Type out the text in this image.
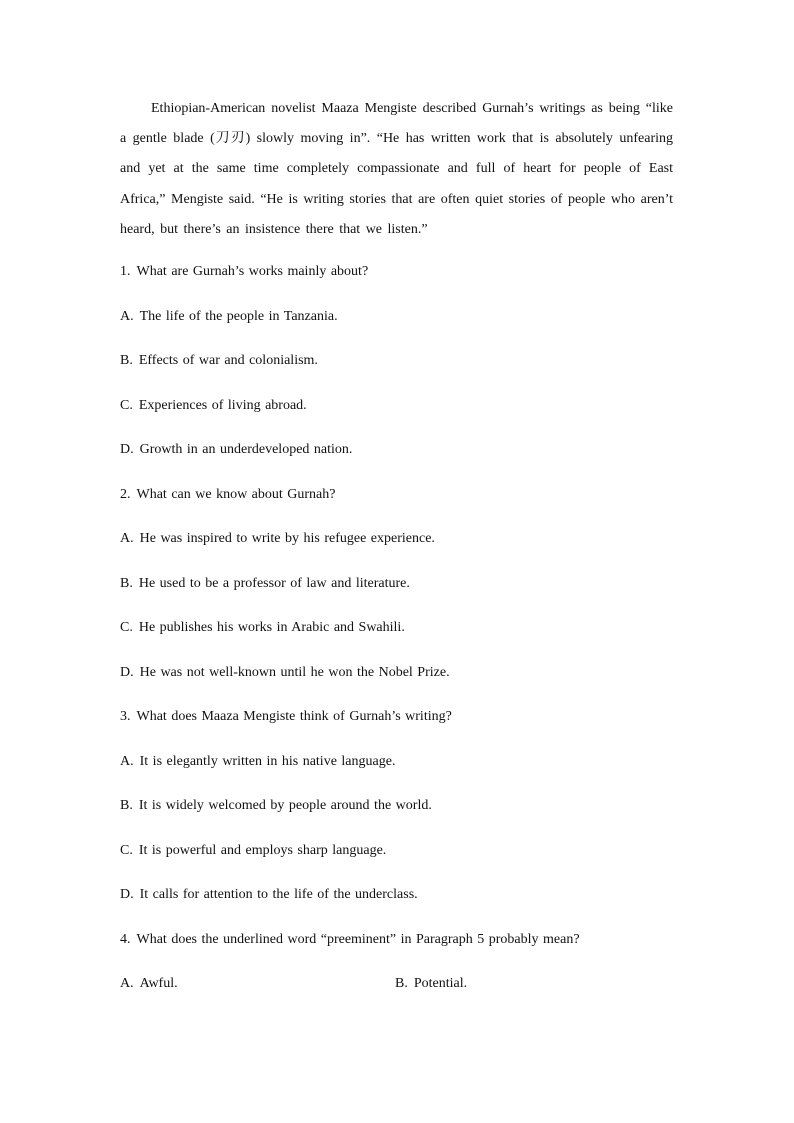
Ethiopian-American novelist Maaza Mengiste described Gurnah’s writings as being “like a gentle blade (刀刃) slowly moving in”. “He has written work that is absolutely unfearing and yet at the same time completely compassionate and full of heart for people of East Africa,” Mengiste said. “He is writing stories that are often quiet stories of people who aren’t heard, but there’s an insistence there that we listen.”

1. What are Gurnah’s works mainly about?

A. The life of the people in Tanzania.

B. Effects of war and colonialism.

C. Experiences of living abroad.

D. Growth in an underdeveloped nation.

2. What can we know about Gurnah?

A. He was inspired to write by his refugee experience.

B. He used to be a professor of law and literature.

C. He publishes his works in Arabic and Swahili.

D. He was not well-known until he won the Nobel Prize.

3. What does Maaza Mengiste think of Gurnah’s writing?

A. It is elegantly written in his native language.

B. It is widely welcomed by people around the world.

C. It is powerful and employs sharp language.

D. It calls for attention to the life of the underclass.

4. What does the underlined word “preeminent” in Paragraph 5 probably mean?

A. Awful.	B. Potential.
